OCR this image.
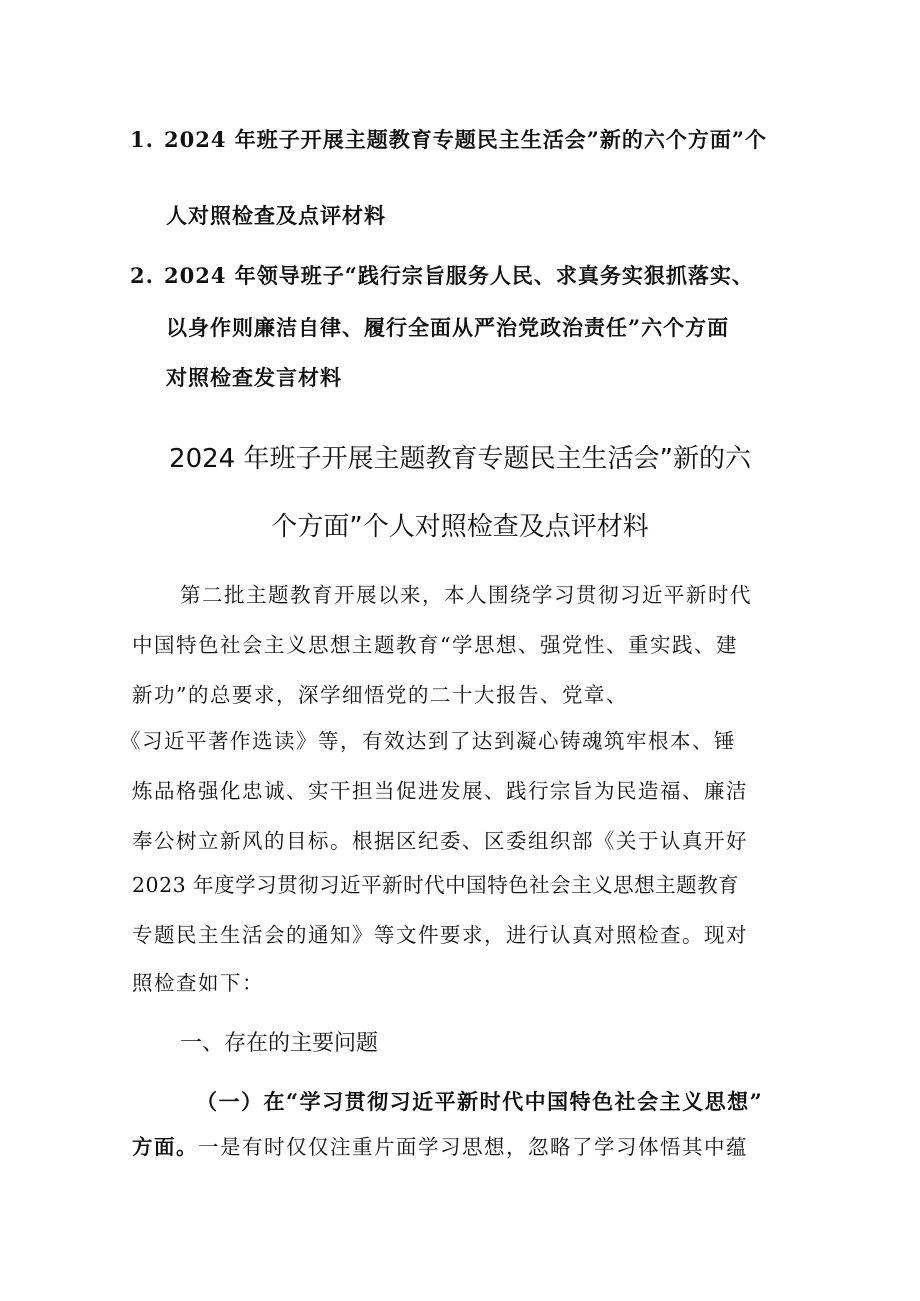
1. 2024 年班子开展主题教育专题民主生活会”新的六个方面”个
人对照检查及点评材料
2. 2024 年领导班子“践行宗旨服务人民、求真务实狠抓落实、
以身作则廉洁自律、履行全面从严治党政治责任”六个方面
对照检查发言材料
2024 年班子开展主题教育专题民主生活会”新的六
个方面”个人对照检查及点评材料
第二批主题教育开展以来，本人围绕学习贯彻习近平新时代
中国特色社会主义思想主题教育“学思想、强党性、重实践、建
新功”的总要求，深学细悟党的二十大报告、党章、
《习近平著作选读》等，有效达到了达到凝心铸魂筑牢根本、锤
炼品格强化忠诚、实干担当促进发展、践行宗旨为民造福、廉洁
奉公树立新风的目标。根据区纪委、区委组织部《关于认真开好
2023 年度学习贯彻习近平新时代中国特色社会主义思想主题教育
专题民主生活会的通知》等文件要求，进行认真对照检查。现对
照检查如下：
一、存在的主要问题
（一）在“学习贯彻习近平新时代中国特色社会主义思想”
方面。一是有时仅仅注重片面学习思想，忽略了学习体悟其中蕴
